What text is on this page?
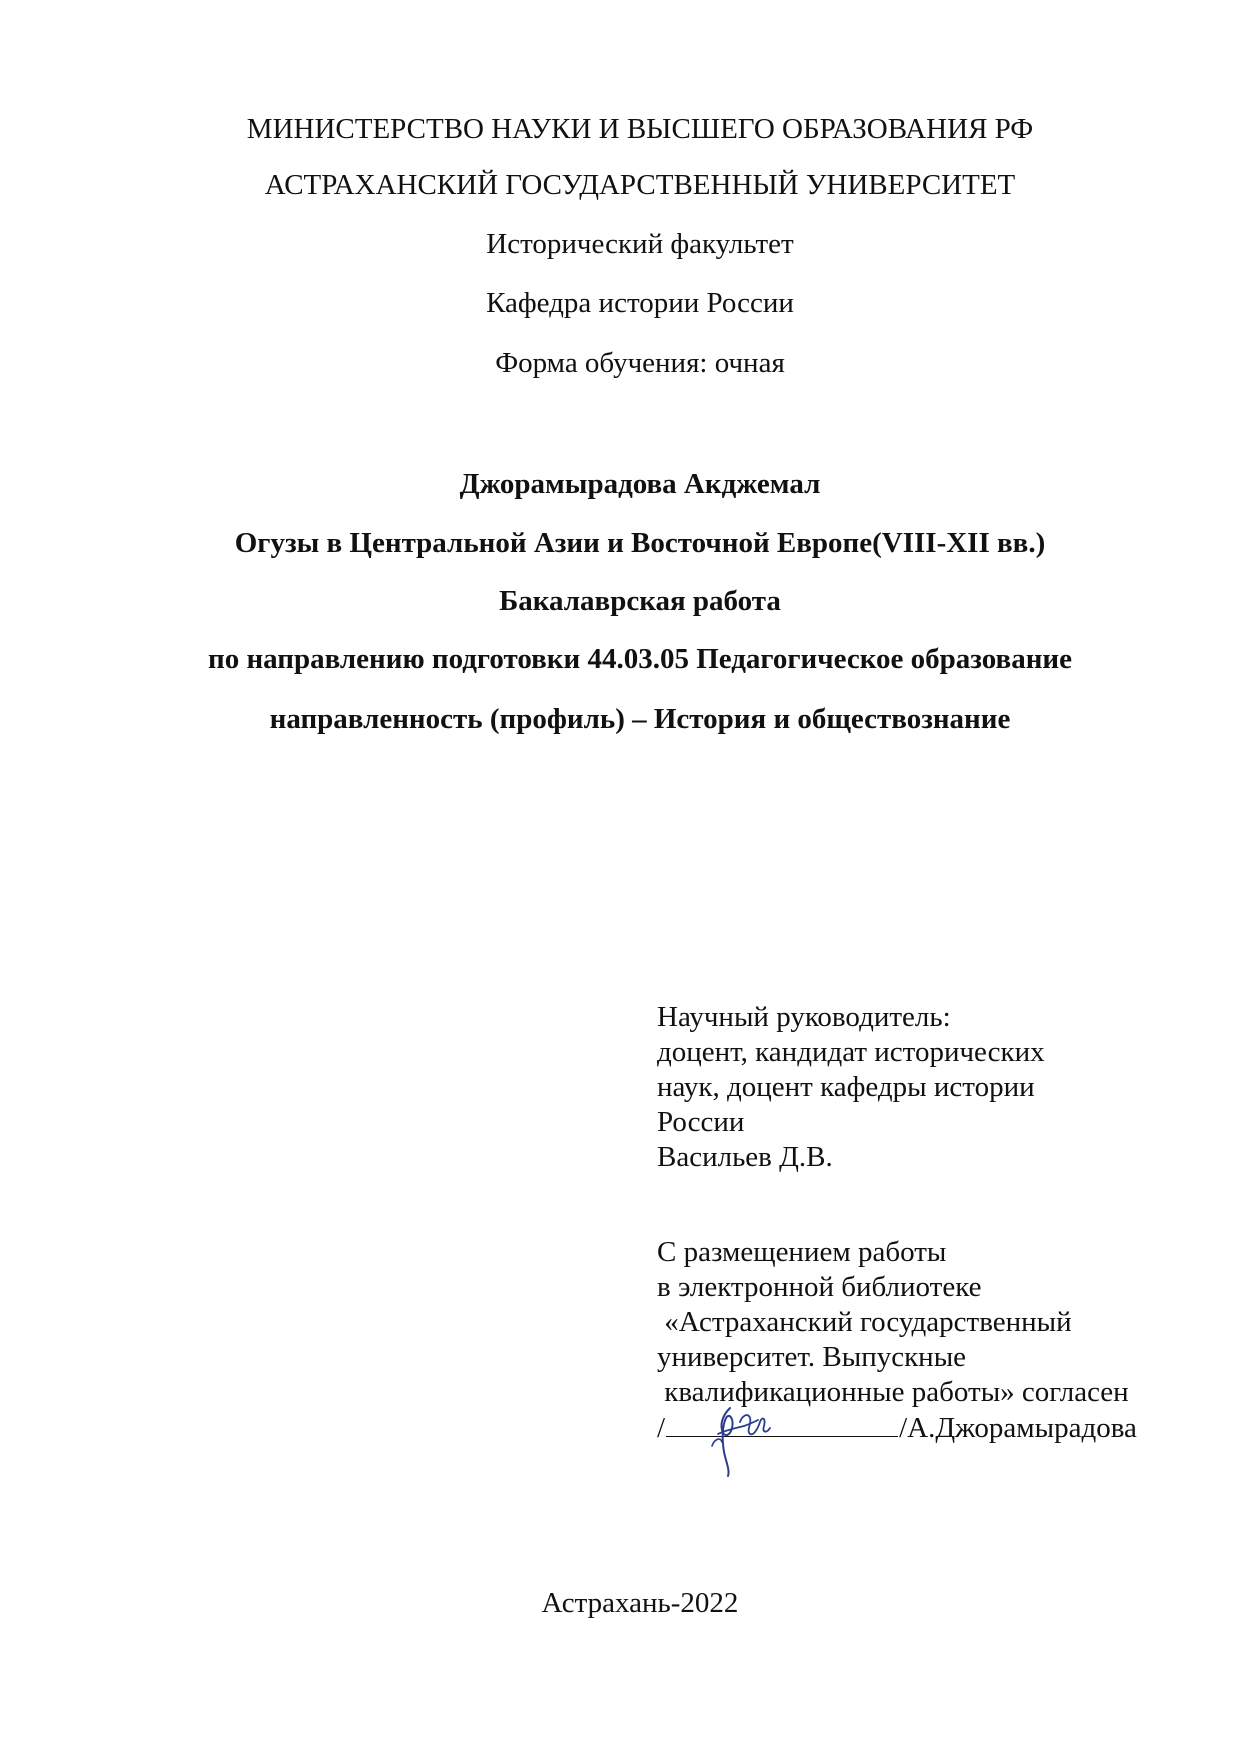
МИНИСТЕРСТВО НАУКИ И ВЫСШЕГО ОБРАЗОВАНИЯ РФ
АСТРАХАНСКИЙ ГОСУДАРСТВЕННЫЙ УНИВЕРСИТЕТ
Исторический факультет
Кафедра истории России
Форма обучения: очная
Джорамырадова Акджемал
Огузы в Центральной Азии и Восточной Европе(VIII-XII вв.)
Бакалаврская работа
по направлению подготовки 44.03.05 Педагогическое образование
направленность (профиль) – История и обществознание
Научный руководитель:
доцент, кандидат исторических
наук, доцент кафедры истории
России
Васильев Д.В.
С размещением работы
в электронной библиотеке
«Астраханский государственный
университет. Выпускные
квалификационные работы» согласен
/	/А.Джорамырадова
Астрахань-2022
